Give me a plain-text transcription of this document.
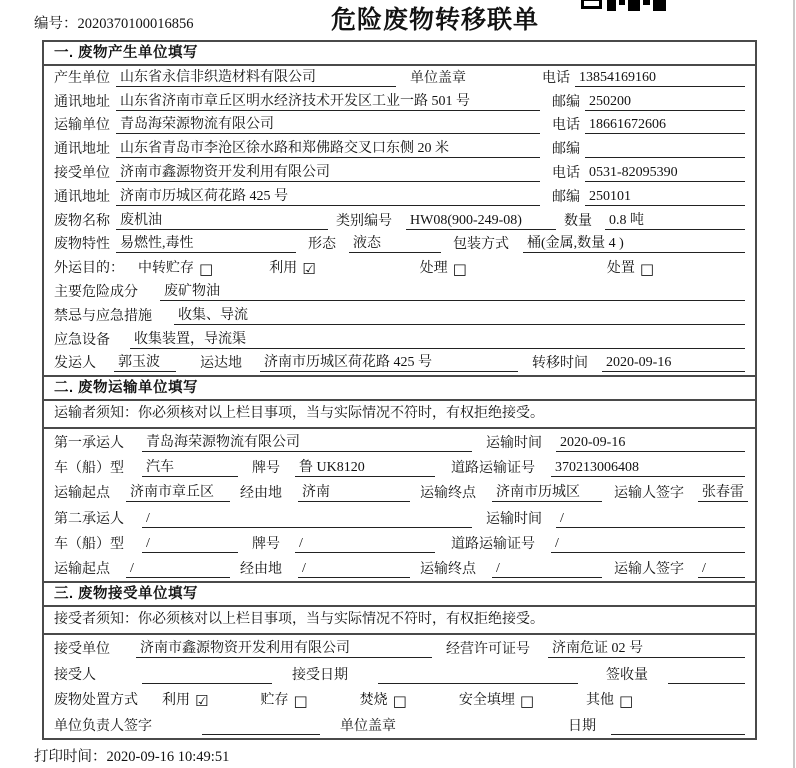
编号：2020370100016856	危险废物转移联单
一. 废物产生单位填写
产生单位 山东省永信非织造材料有限公司	单位盖章	电话 13854169160
通讯地址 山东省济南市章丘区明水经济技术开发区工业一路 501 号	邮编 250200
运输单位 青岛海荣源物流有限公司	电话 18661672606
通讯地址 山东省青岛市李沧区徐水路和郑佛路交叉口东侧 20 米	邮编
接受单位 济南市鑫源物资开发利用有限公司	电话 0531-82095390
通讯地址 济南市历城区荷花路 425 号	邮编 250101
废物名称 废机油	类别编号	HW08(900-249-08)	数量	0.8 吨
废物特性 易燃性,毒性	形态	液态	包装方式	桶(金属,数量 4 )
外运目的：	中转贮存 □	利用 ☑	处理 □	处置 □
主要危险成分	废矿物油
禁忌与应急措施	收集、导流
应急设备	收集装置，导流渠
发运人	郭玉波	运达地	济南市历城区荷花路 425 号	转移时间	2020-09-16
二. 废物运输单位填写
运输者须知：你必须核对以上栏目事项，当与实际情况不符时，有权拒绝接受。
第一承运人	青岛海荣源物流有限公司	运输时间	2020-09-16
车（船）型	汽车	牌号	鲁 UK8120	道路运输证号	370213006408
运输起点	济南市章丘区	经由地	济南	运输终点	济南市历城区	运输人签字	张春雷
第二承运人	/	运输时间	/
车（船）型	/	牌号	/	道路运输证号	/
运输起点	/	经由地	/	运输终点	/	运输人签字	/
三. 废物接受单位填写
接受者须知：你必须核对以上栏目事项，当与实际情况不符时，有权拒绝接受。
接受单位	济南市鑫源物资开发利用有限公司	经营许可证号	济南危证 02 号
接受人	接受日期	签收量
废物处置方式	利用 ☑	贮存 □	焚烧 □	安全填埋 □	其他 □
单位负责人签字	单位盖章	日期
打印时间：2020-09-16 10:49:51
